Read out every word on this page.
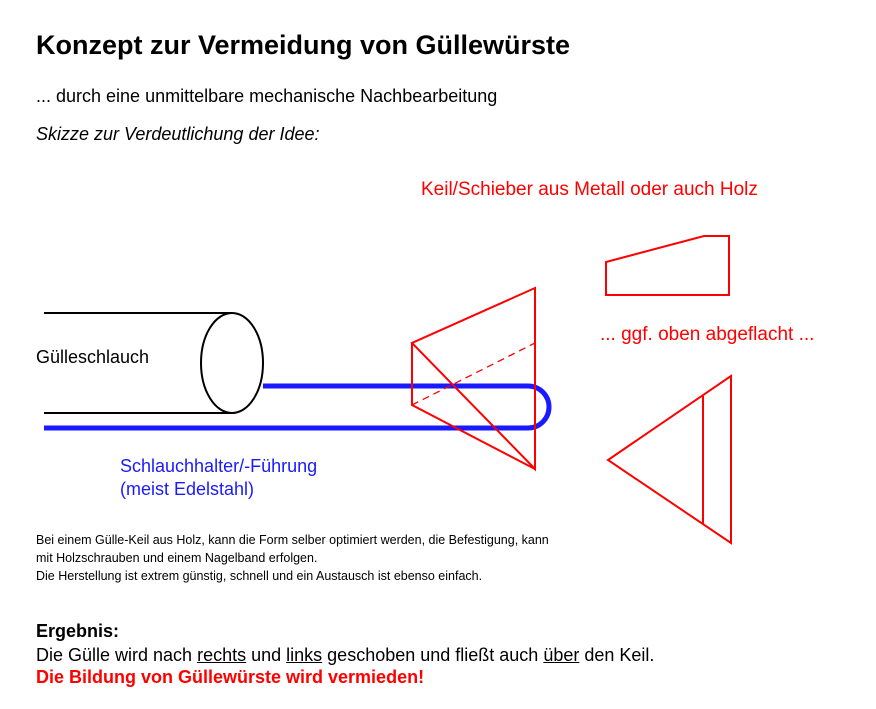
Konzept zur Vermeidung von Güllewürste
... durch eine unmittelbare mechanische Nachbearbeitung
Skizze zur Verdeutlichung der Idee:
Keil/Schieber aus Metall oder auch Holz
... ggf. oben abgeflacht ...
Gülleschlauch
Schlauchhalter/-Führung
(meist Edelstahl)
Bei einem Gülle-Keil aus Holz, kann die Form selber optimiert werden, die Befestigung, kann
mit Holzschrauben und einem Nagelband erfolgen.
Die Herstellung ist extrem günstig, schnell und ein Austausch ist ebenso einfach.
Ergebnis:
Die Gülle wird nach rechts und links geschoben und fließt auch über den Keil.
Die Bildung von Güllewürste wird vermieden!
